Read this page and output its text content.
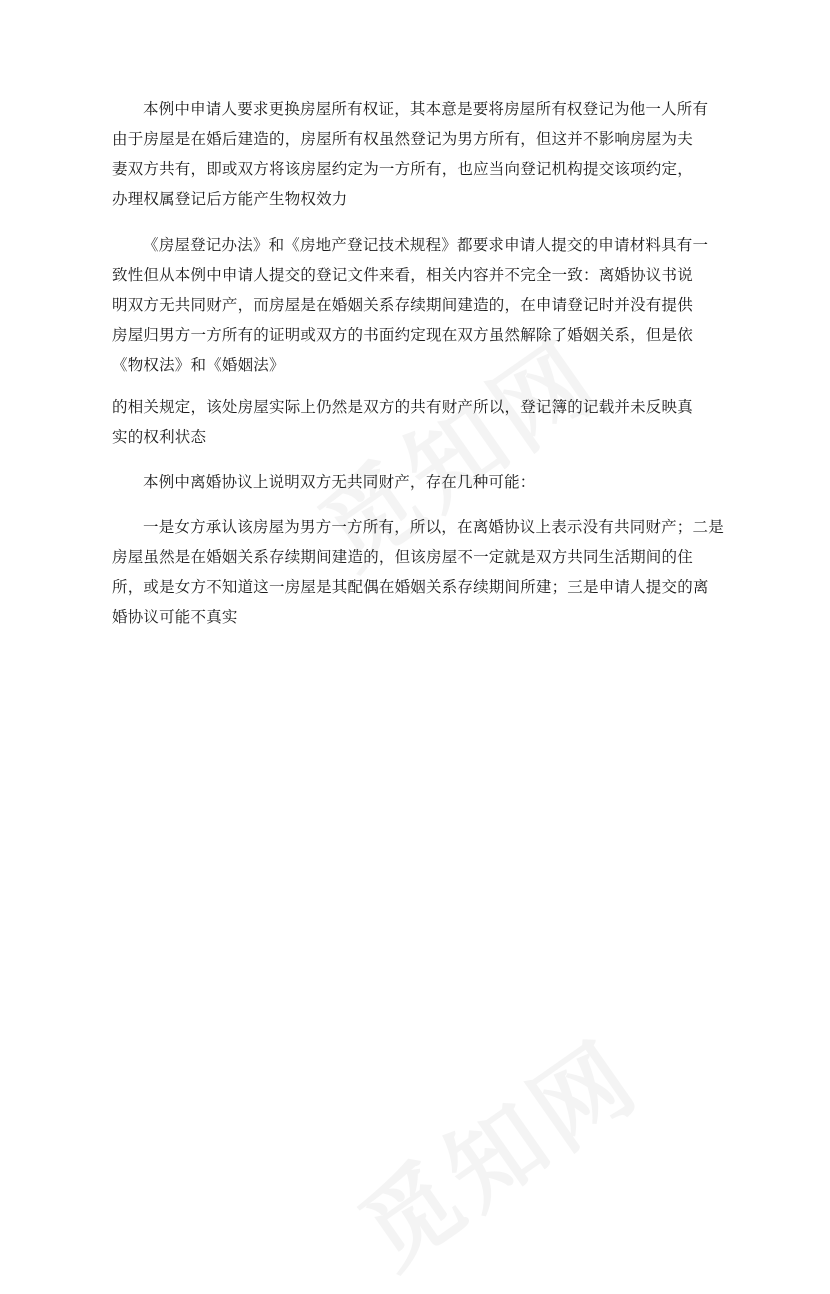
本例中申请人要求更换房屋所有权证，其本意是要将房屋所有权登记为他一人所有
由于房屋是在婚后建造的，房屋所有权虽然登记为男方所有，但这并不影响房屋为夫
妻双方共有，即或双方将该房屋约定为一方所有，也应当向登记机构提交该项约定，
办理权属登记后方能产生物权效力
《房屋登记办法》和《房地产登记技术规程》都要求申请人提交的申请材料具有一
致性但从本例中申请人提交的登记文件来看，相关内容并不完全一致：离婚协议书说
明双方无共同财产，而房屋是在婚姻关系存续期间建造的，在申请登记时并没有提供
房屋归男方一方所有的证明或双方的书面约定现在双方虽然解除了婚姻关系，但是依
《物权法》和《婚姻法》
的相关规定，该处房屋实际上仍然是双方的共有财产所以，登记簿的记载并未反映真
实的权利状态
本例中离婚协议上说明双方无共同财产，存在几种可能：
一是女方承认该房屋为男方一方所有，所以，在离婚协议上表示没有共同财产；二是
房屋虽然是在婚姻关系存续期间建造的，但该房屋不一定就是双方共同生活期间的住
所，或是女方不知道这一房屋是其配偶在婚姻关系存续期间所建；三是申请人提交的离
婚协议可能不真实
